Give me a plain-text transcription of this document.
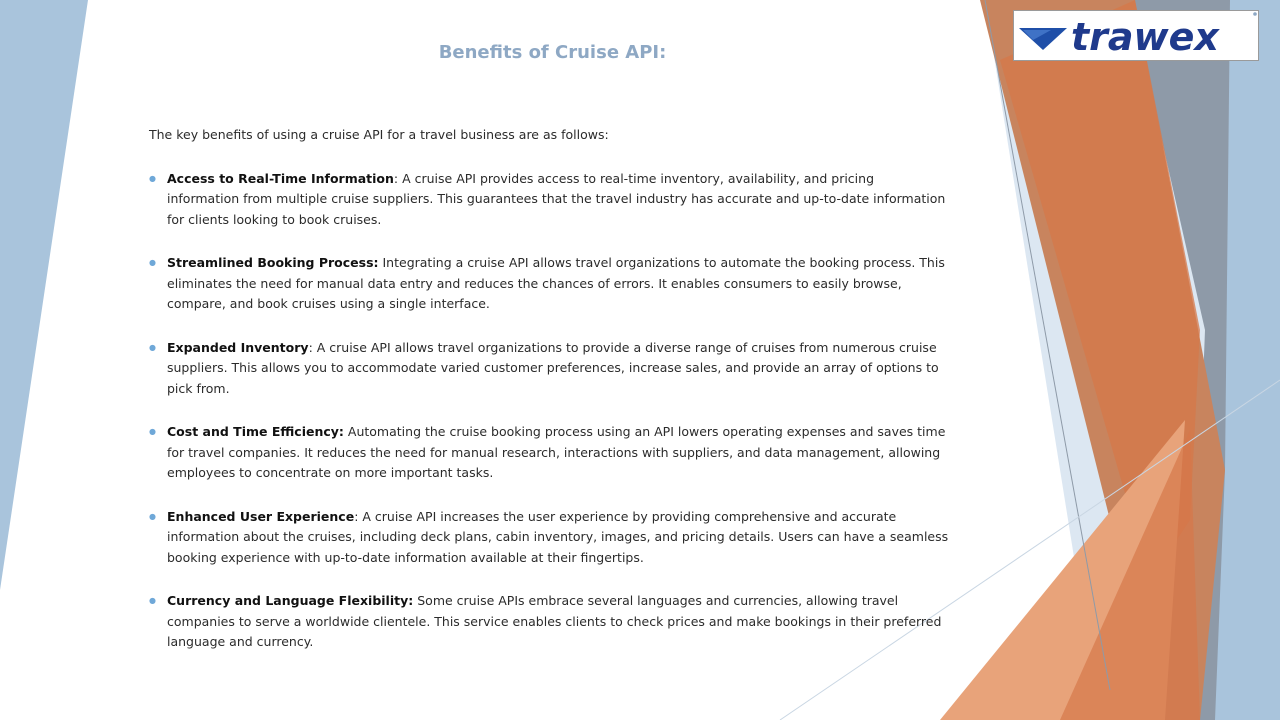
trawex
Benefits of Cruise API:

The key benefits of using a cruise API for a travel business are as follows:

● Access to Real-Time Information: A cruise API provides access to real-time inventory, availability, and pricing information from multiple cruise suppliers. This guarantees that the travel industry has accurate and up-to-date information for clients looking to book cruises.
● Streamlined Booking Process: Integrating a cruise API allows travel organizations to automate the booking process. This eliminates the need for manual data entry and reduces the chances of errors. It enables consumers to easily browse, compare, and book cruises using a single interface.
● Expanded Inventory: A cruise API allows travel organizations to provide a diverse range of cruises from numerous cruise suppliers. This allows you to accommodate varied customer preferences, increase sales, and provide an array of options to pick from.
● Cost and Time Efficiency: Automating the cruise booking process using an API lowers operating expenses and saves time for travel companies. It reduces the need for manual research, interactions with suppliers, and data management, allowing employees to concentrate on more important tasks.
● Enhanced User Experience: A cruise API increases the user experience by providing comprehensive and accurate information about the cruises, including deck plans, cabin inventory, images, and pricing details. Users can have a seamless booking experience with up-to-date information available at their fingertips.
● Currency and Language Flexibility: Some cruise APIs embrace several languages and currencies, allowing travel companies to serve a worldwide clientele. This service enables clients to check prices and make bookings in their preferred language and currency.
